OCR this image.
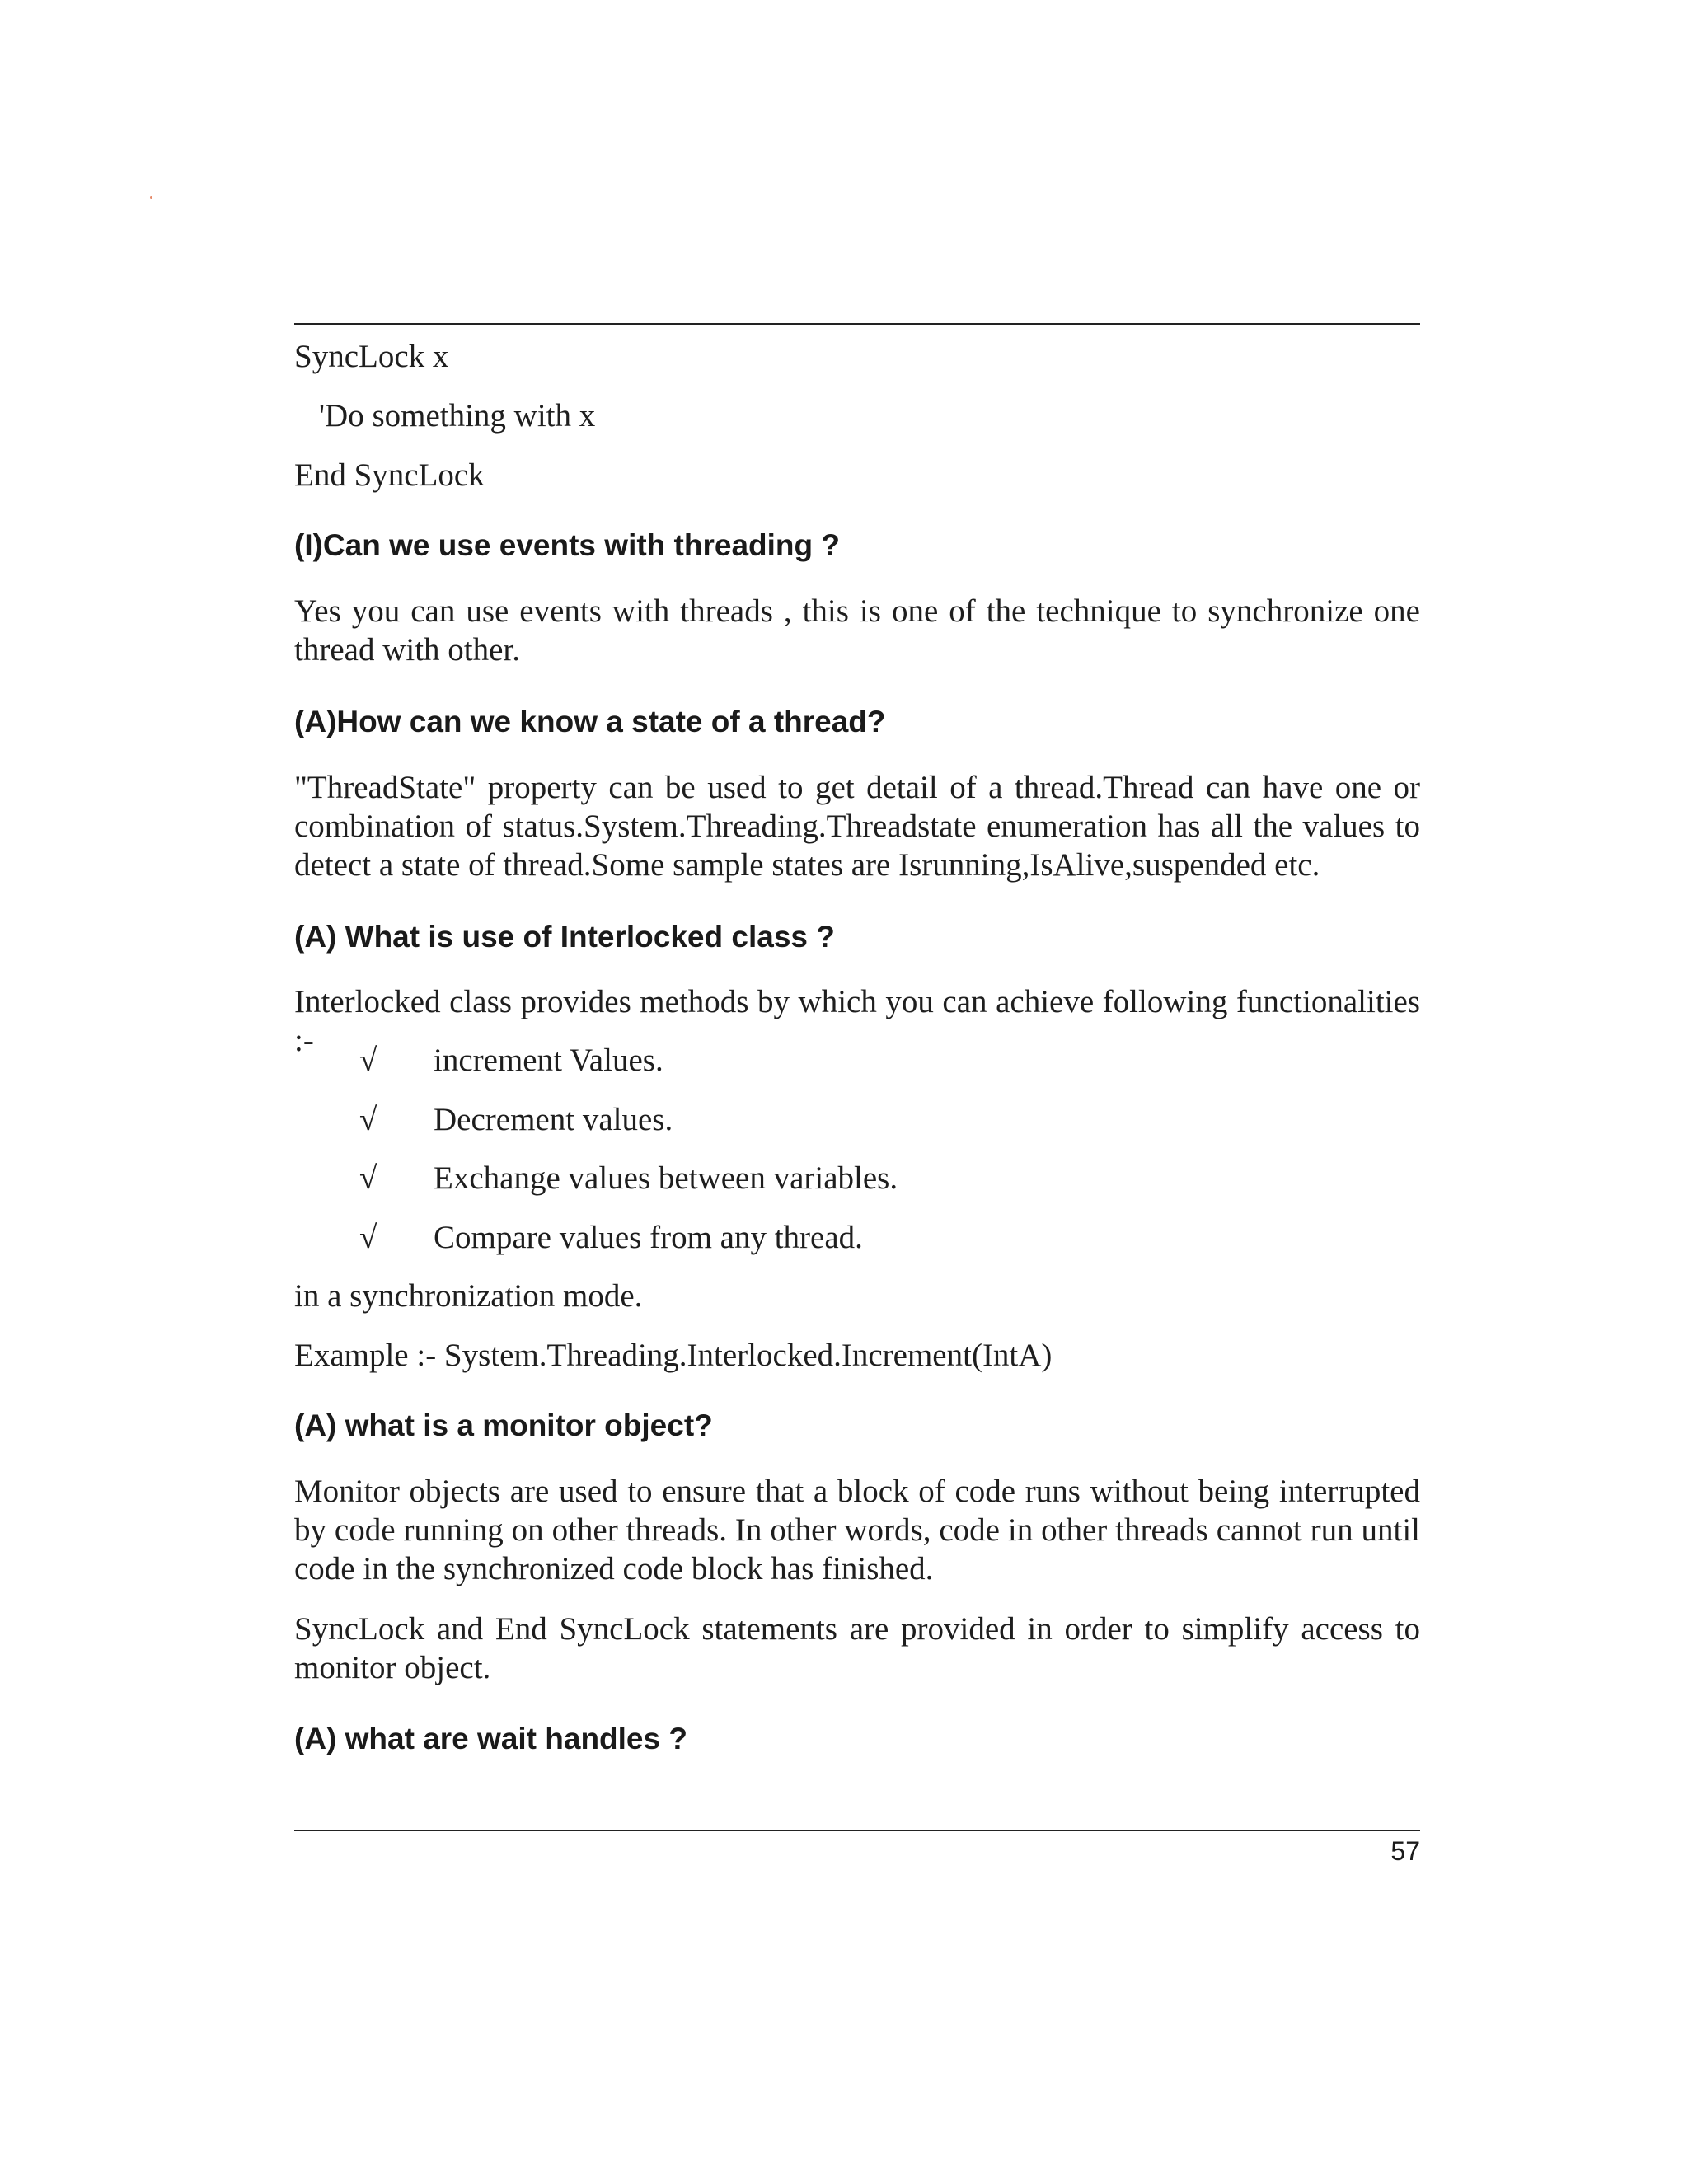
SyncLock x

'Do something with x

End SyncLock

(I)Can we use events with threading ?

Yes you can use events with threads , this is one of the technique to synchronize one thread with other.

(A)How can we know a state of a thread?

"ThreadState" property can be used to get detail of a thread.Thread can have one or combination of status.System.Threading.Threadstate enumeration has all the values to detect a state of thread.Some sample states are Isrunning,IsAlive,suspended etc.

(A) What is use of Interlocked class ?

Interlocked class provides methods by which you can achieve following functionalities :-

√ increment Values.

√ Decrement values.

√ Exchange values between variables.

√ Compare values from any thread.

in a synchronization mode.

Example :- System.Threading.Interlocked.Increment(IntA)

(A) what is a monitor object?

Monitor objects are used to ensure that a block of code runs without being interrupted by code running on other threads. In other words, code in other threads cannot run until code in the synchronized code block has finished.

SyncLock and End SyncLock statements are provided in order to simplify access to monitor object.

(A) what are wait handles ?
57
